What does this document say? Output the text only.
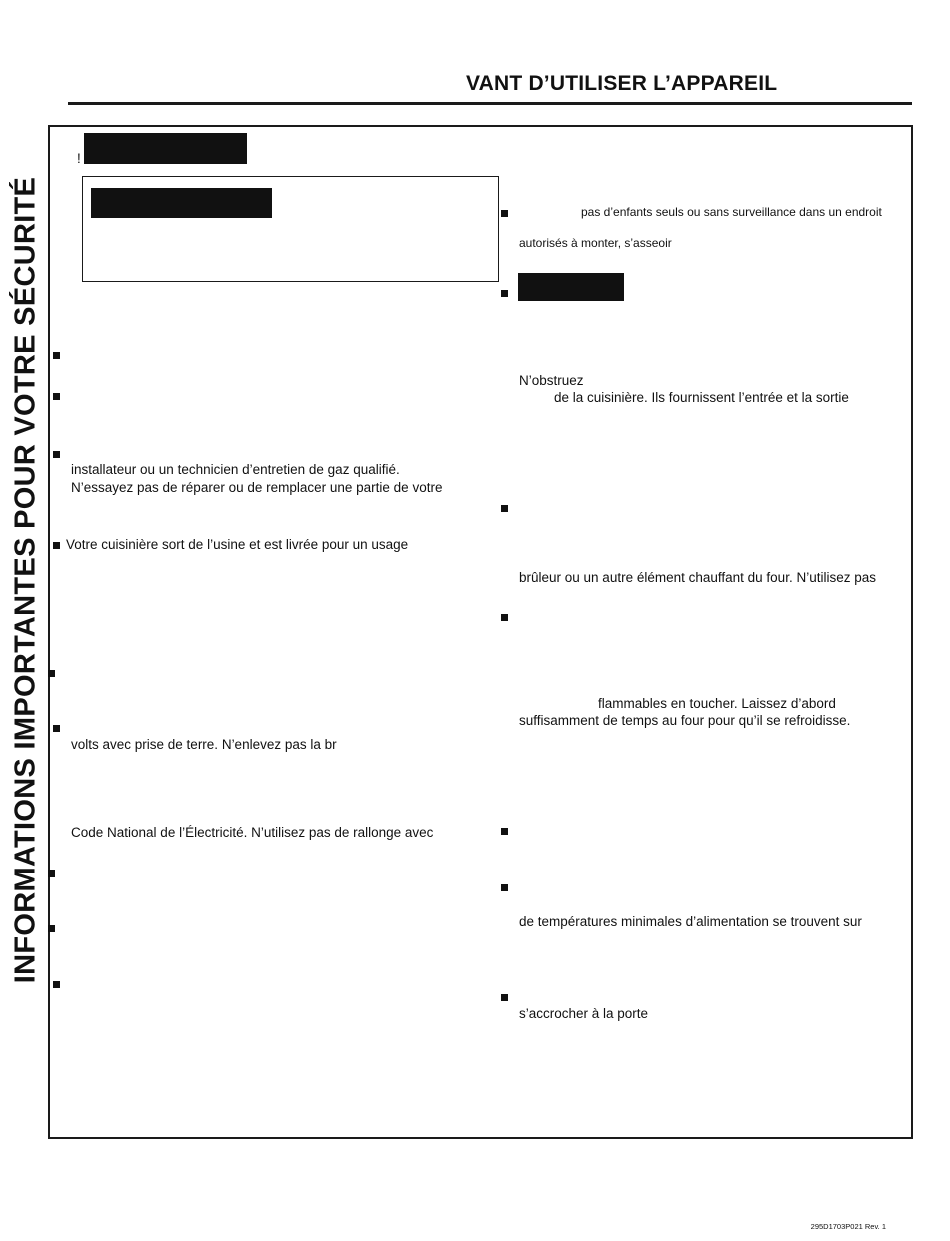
VANT D’UTILISER L’APPAREIL
INFORMATIONS IMPORTANTES POUR VOTRE SÉCURITÉ
!
installateur ou un technicien d’entretien de gaz qualifié.
N’essayez pas de réparer ou de remplacer une partie de votre
Votre cuisinière sort de l’usine et est livrée pour un usage
volts avec prise de terre. N’enlevez pas la br
Code National de l’Électricité. N’utilisez pas de rallonge avec
pas d’enfants seuls ou sans surveillance dans un endroit
autorisés à monter, s’asseoir
N’obstruez
de la cuisinière. Ils fournissent l’entrée et la sortie
brûleur ou un autre élément chauffant du four. N’utilisez pas
flammables en toucher. Laissez d’abord
suffisamment de temps au four pour qu’il se refroidisse.
de températures minimales d’alimentation se trouvent sur
s’accrocher à la porte
295D1703P021 Rev. 1
